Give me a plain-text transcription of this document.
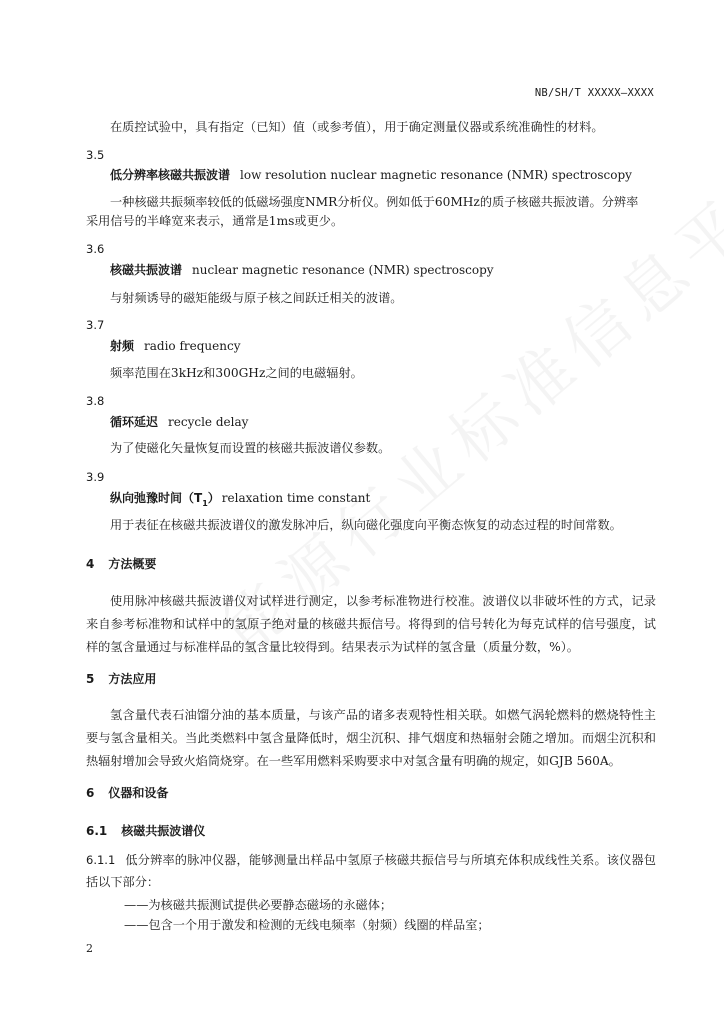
NB/SH/T XXXXX—XXXX
在质控试验中，具有指定（已知）值（或参考值），用于确定测量仪器或系统准确性的材料。
3.5
低分辨率核磁共振波谱 low resolution nuclear magnetic resonance (NMR) spectroscopy
一种核磁共振频率较低的低磁场强度NMR分析仪。例如低于60MHz的质子核磁共振波谱。分辨率
采用信号的半峰宽来表示，通常是1ms或更少。
3.6
核磁共振波谱 nuclear magnetic resonance (NMR) spectroscopy
与射频诱导的磁矩能级与原子核之间跃迁相关的波谱。
3.7
射频 radio frequency
频率范围在3kHz和300GHz之间的电磁辐射。
3.8
循环延迟 recycle delay
为了使磁化矢量恢复而设置的核磁共振波谱仪参数。
3.9
纵向弛豫时间$(T_1)$ relaxation time constant
用于表征在核磁共振波谱仪的激发脉冲后，纵向磁化强度向平衡态恢复的动态过程的时间常数。
4 方法概要
使用脉冲核磁共振波谱仪对试样进行测定，以参考标准物进行校准。波谱仪以非破坏性的方式，记录来自参考标准物和试样中的氢原子绝对量的核磁共振信号。将得到的信号转化为每克试样的信号强度，试样的氢含量通过与标准样品的氢含量比较得到。结果表示为试样的氢含量（质量分数，%）。
5 方法应用
氢含量代表石油馏分油的基本质量，与该产品的诸多表观特性相关联。如燃气涡轮燃料的燃烧特性主要与氢含量相关。当此类燃料中氢含量降低时，烟尘沉积、排气烟度和热辐射会随之增加。而烟尘沉积和热辐射增加会导致火焰筒烧穿。在一些军用燃料采购要求中对氢含量有明确的规定，如GJB 560A。
6 仪器和设备
6.1 核磁共振波谱仪
6.1.1 低分辨率的脉冲仪器，能够测量出样品中氢原子核磁共振信号与所填充体积成线性关系。该仪器包括以下部分：
——为核磁共振测试提供必要静态磁场的永磁体；
——包含一个用于激发和检测的无线电频率（射频）线圈的样品室；
2
